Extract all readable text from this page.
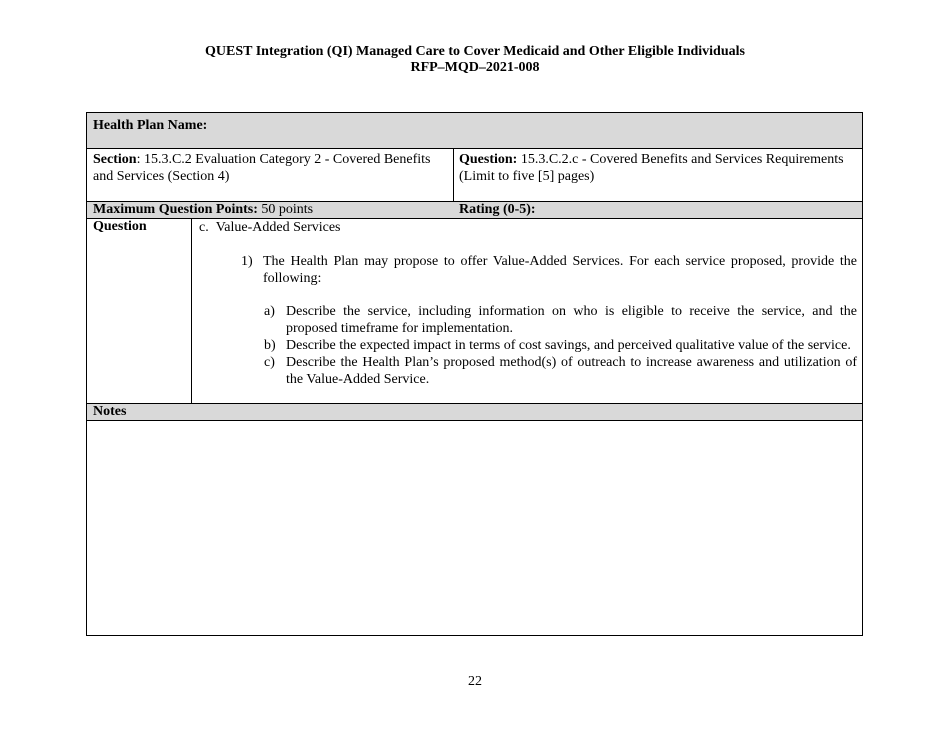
QUEST Integration (QI) Managed Care to Cover Medicaid and Other Eligible Individuals
RFP–MQD–2021-008
Health Plan Name:
Section: 15.3.C.2 Evaluation Category 2 - Covered Benefits and Services (Section 4)
Question: 15.3.C.2.c - Covered Benefits and Services Requirements (Limit to five [5] pages)
Maximum Question Points: 50 points	Rating (0-5):
Question	c. Value-Added Services
1) The Health Plan may propose to offer Value-Added Services. For each service proposed, provide the following:
a) Describe the service, including information on who is eligible to receive the service, and the proposed timeframe for implementation.
b) Describe the expected impact in terms of cost savings, and perceived qualitative value of the service.
c) Describe the Health Plan’s proposed method(s) of outreach to increase awareness and utilization of the Value-Added Service.
Notes
22
